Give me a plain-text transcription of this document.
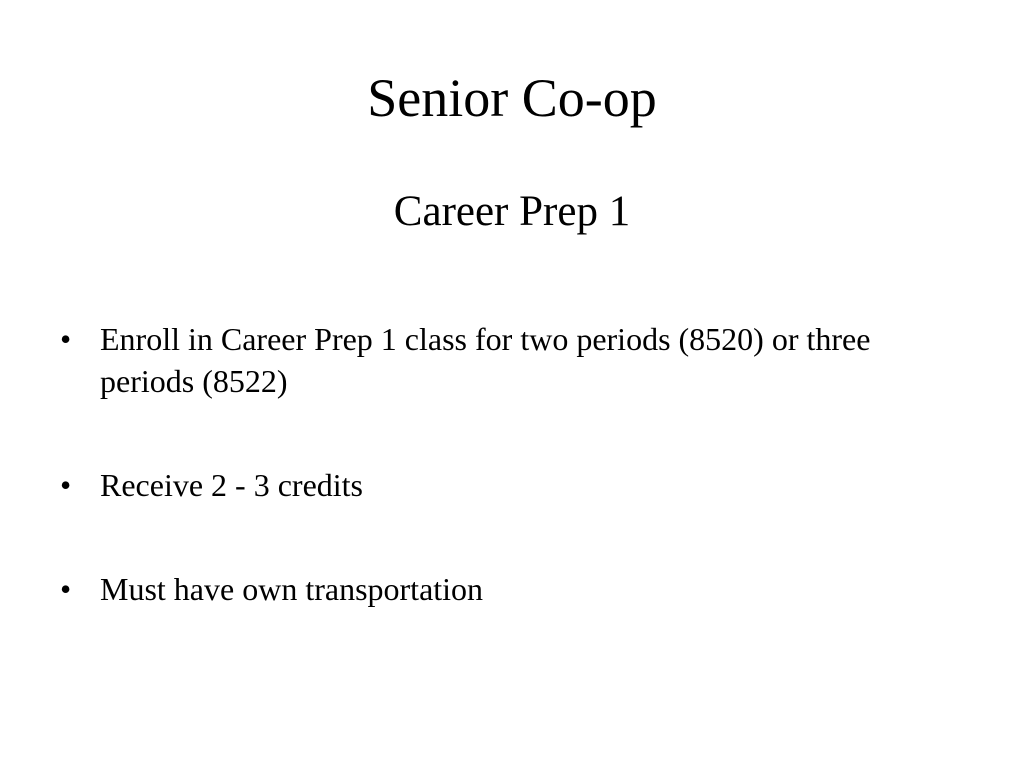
Senior Co-op
Career Prep 1
• Enroll in Career Prep 1 class for two periods (8520) or three periods (8522)
• Receive 2 - 3 credits
• Must have own transportation
